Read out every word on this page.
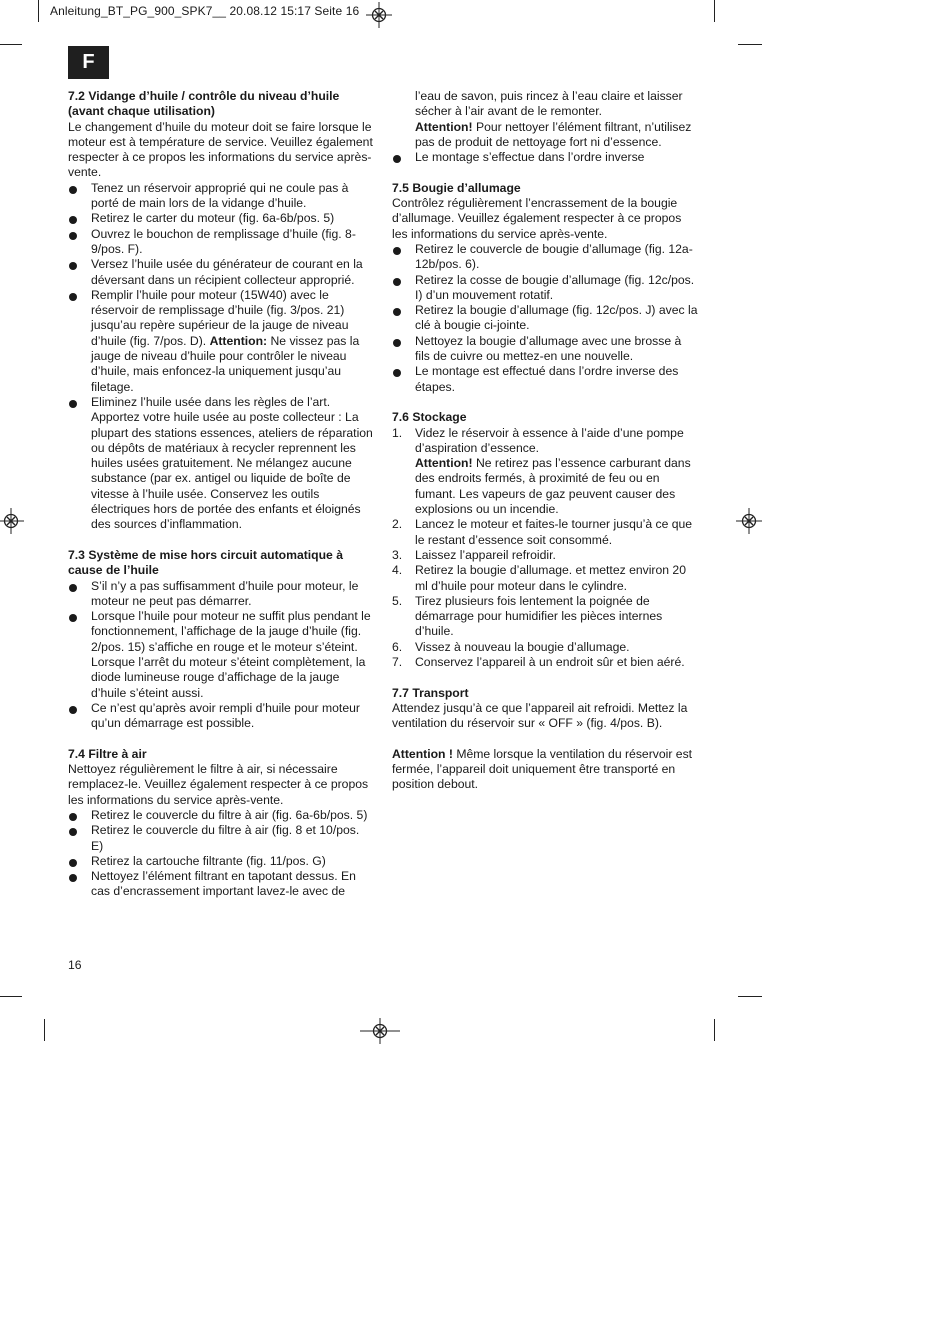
Anleitung_BT_PG_900_SPK7__ 20.08.12 15:17 Seite 16
F

7.2 Vidange d’huile / contrôle du niveau d’huile

(avant chaque utilisation)

Le changement d’huile du moteur doit se faire lorsque le moteur est à température de service. Veuillez également respecter à ce propos les informations du service après-vente.

Tenez un réservoir approprié qui ne coule pas à porté de main lors de la vidange d’huile.
Retirez le carter du moteur (fig. 6a-6b/pos. 5)
Ouvrez le bouchon de remplissage d’huile (fig. 8-9/pos. F).
Versez l’huile usée du générateur de courant en la déversant dans un récipient collecteur approprié.
Remplir l’huile pour moteur (15W40) avec le réservoir de remplissage d’huile (fig. 3/pos. 21) jusqu’au repère supérieur de la jauge de niveau d’huile (fig. 7/pos. D). Attention: Ne vissez pas la jauge de niveau d’huile pour contrôler le niveau d’huile, mais enfoncez-la uniquement jusqu’au filetage.
Eliminez l’huile usée dans les règles de l’art. Apportez votre huile usée au poste collecteur : La plupart des stations essences, ateliers de réparation ou dépôts de matériaux à recycler reprennent les huiles usées gratuitement. Ne mélangez aucune substance (par ex. antigel ou liquide de boîte de vitesse à l’huile usée. Conservez les outils électriques hors de portée des enfants et éloignés des sources d’inflammation.

7.3 Système de mise hors circuit automatique à cause de l’huile

S’il n’y a pas suffisamment d’huile pour moteur, le moteur ne peut pas démarrer.
Lorsque l’huile pour moteur ne suffit plus pendant le fonctionnement, l’affichage de la jauge d’huile (fig. 2/pos. 15) s’affiche en rouge et le moteur s’éteint. Lorsque l’arrêt du moteur s’éteint complètement, la diode lumineuse rouge d’affichage de la jauge d’huile s’éteint aussi.
Ce n’est qu’après avoir rempli d’huile pour moteur qu’un démarrage est possible.

7.4 Filtre à air

Nettoyez régulièrement le filtre à air, si nécessaire remplacez-le. Veuillez également respecter à ce propos les informations du service après-vente.

Retirez le couvercle du filtre à air (fig. 6a-6b/pos. 5)
Retirez le couvercle du filtre à air (fig. 8 et 10/pos. E)
Retirez la cartouche filtrante (fig. 11/pos. G)
Nettoyez l’élément filtrant en tapotant dessus. En cas d’encrassement important lavez-le avec de

l’eau de savon, puis rincez à l’eau claire et laisser sécher à l’air avant de le remonter.

Attention! Pour nettoyer l’élément filtrant, n’utilisez pas de produit de nettoyage fort ni d’essence.

Le montage s’effectue dans l’ordre inverse

7.5 Bougie d’allumage

Contrôlez régulièrement l’encrassement de la bougie d’allumage. Veuillez également respecter à ce propos les informations du service après-vente.

Retirez le couvercle de bougie d’allumage (fig. 12a-12b/pos. 6).
Retirez la cosse de bougie d’allumage (fig. 12c/pos. I) d’un mouvement rotatif.
Retirez la bougie d’allumage (fig. 12c/pos. J) avec la clé à bougie ci-jointe.
Nettoyez la bougie d’allumage avec une brosse à fils de cuivre ou mettez-en une nouvelle.
Le montage est effectué dans l’ordre inverse des étapes.

7.6 Stockage

1. Videz le réservoir à essence à l’aide d’une pompe d’aspiration d’essence.
Attention! Ne retirez pas l’essence carburant dans des endroits fermés, à proximité de feu ou en fumant. Les vapeurs de gaz peuvent causer des explosions ou un incendie.
2. Lancez le moteur et faites-le tourner jusqu’à ce que le restant d’essence soit consommé.
3. Laissez l’appareil refroidir.
4. Retirez la bougie d’allumage. et mettez environ 20 ml d’huile pour moteur dans le cylindre.
5. Tirez plusieurs fois lentement la poignée de démarrage pour humidifier les pièces internes d’huile.
6. Vissez à nouveau la bougie d’allumage.
7. Conservez l’appareil à un endroit sûr et bien aéré.

7.7 Transport

Attendez jusqu’à ce que l’appareil ait refroidi. Mettez la ventilation du réservoir sur « OFF » (fig. 4/pos. B).

Attention ! Même lorsque la ventilation du réservoir est fermée, l’appareil doit uniquement être transporté en position debout.

16
